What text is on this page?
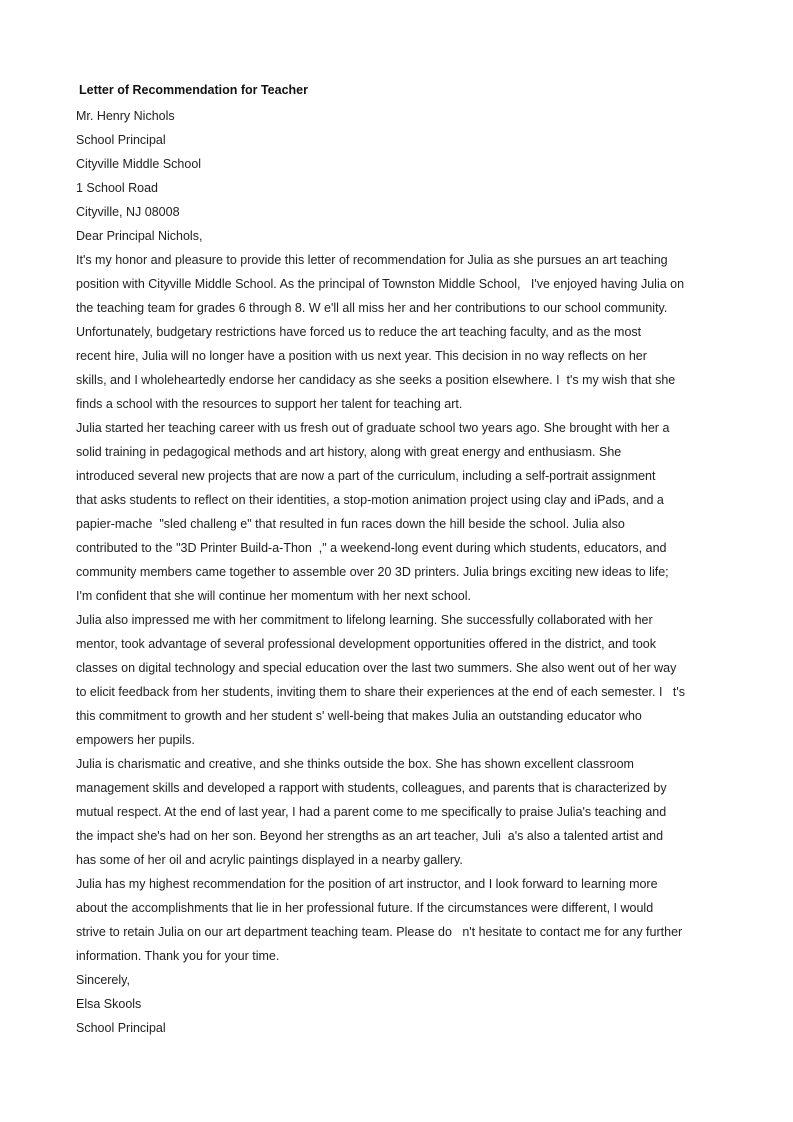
Letter of Recommendation for Teacher
Mr. Henry Nichols
School Principal
Cityville Middle School
1 School Road
Cityville, NJ 08008
Dear Principal Nichols,
It's my honor and pleasure to provide this letter of recommendation for Julia as she pursues an art teaching
position with Cityville Middle School. As the principal of Townston Middle School,   I've enjoyed having Julia on
the teaching team for grades 6 through 8. W e'll all miss her and her contributions to our school community.
Unfortunately, budgetary restrictions have forced us to reduce the art teaching faculty, and as the most
recent hire, Julia will no longer have a position with us next year. This decision in no way reflects on her
skills, and I wholeheartedly endorse her candidacy as she seeks a position elsewhere. I  t's my wish that she
finds a school with the resources to support her talent for teaching art.
Julia started her teaching career with us fresh out of graduate school two years ago. She brought with her a
solid training in pedagogical methods and art history, along with great energy and enthusiasm. She
introduced several new projects that are now a part of the curriculum, including a self-portrait assignment
that asks students to reflect on their identities, a stop-motion animation project using clay and iPads, and a
papier-mache  "sled challeng e" that resulted in fun races down the hill beside the school. Julia also
contributed to the "3D Printer Build-a-Thon  ," a weekend-long event during which students, educators, and
community members came together to assemble over 20 3D printers. Julia brings exciting new ideas to life;
I'm confident that she will continue her momentum with her next school.
Julia also impressed me with her commitment to lifelong learning. She successfully collaborated with her
mentor, took advantage of several professional development opportunities offered in the district, and took
classes on digital technology and special education over the last two summers. She also went out of her way
to elicit feedback from her students, inviting them to share their experiences at the end of each semester. I   t's
this commitment to growth and her student s' well-being that makes Julia an outstanding educator who
empowers her pupils.
Julia is charismatic and creative, and she thinks outside the box. She has shown excellent classroom
management skills and developed a rapport with students, colleagues, and parents that is characterized by
mutual respect. At the end of last year, I had a parent come to me specifically to praise Julia's teaching and
the impact she's had on her son. Beyond her strengths as an art teacher, Juli  a's also a talented artist and
has some of her oil and acrylic paintings displayed in a nearby gallery.
Julia has my highest recommendation for the position of art instructor, and I look forward to learning more
about the accomplishments that lie in her professional future. If the circumstances were different, I would
strive to retain Julia on our art department teaching team. Please do   n't hesitate to contact me for any further
information. Thank you for your time.
Sincerely,
Elsa Skools
School Principal
